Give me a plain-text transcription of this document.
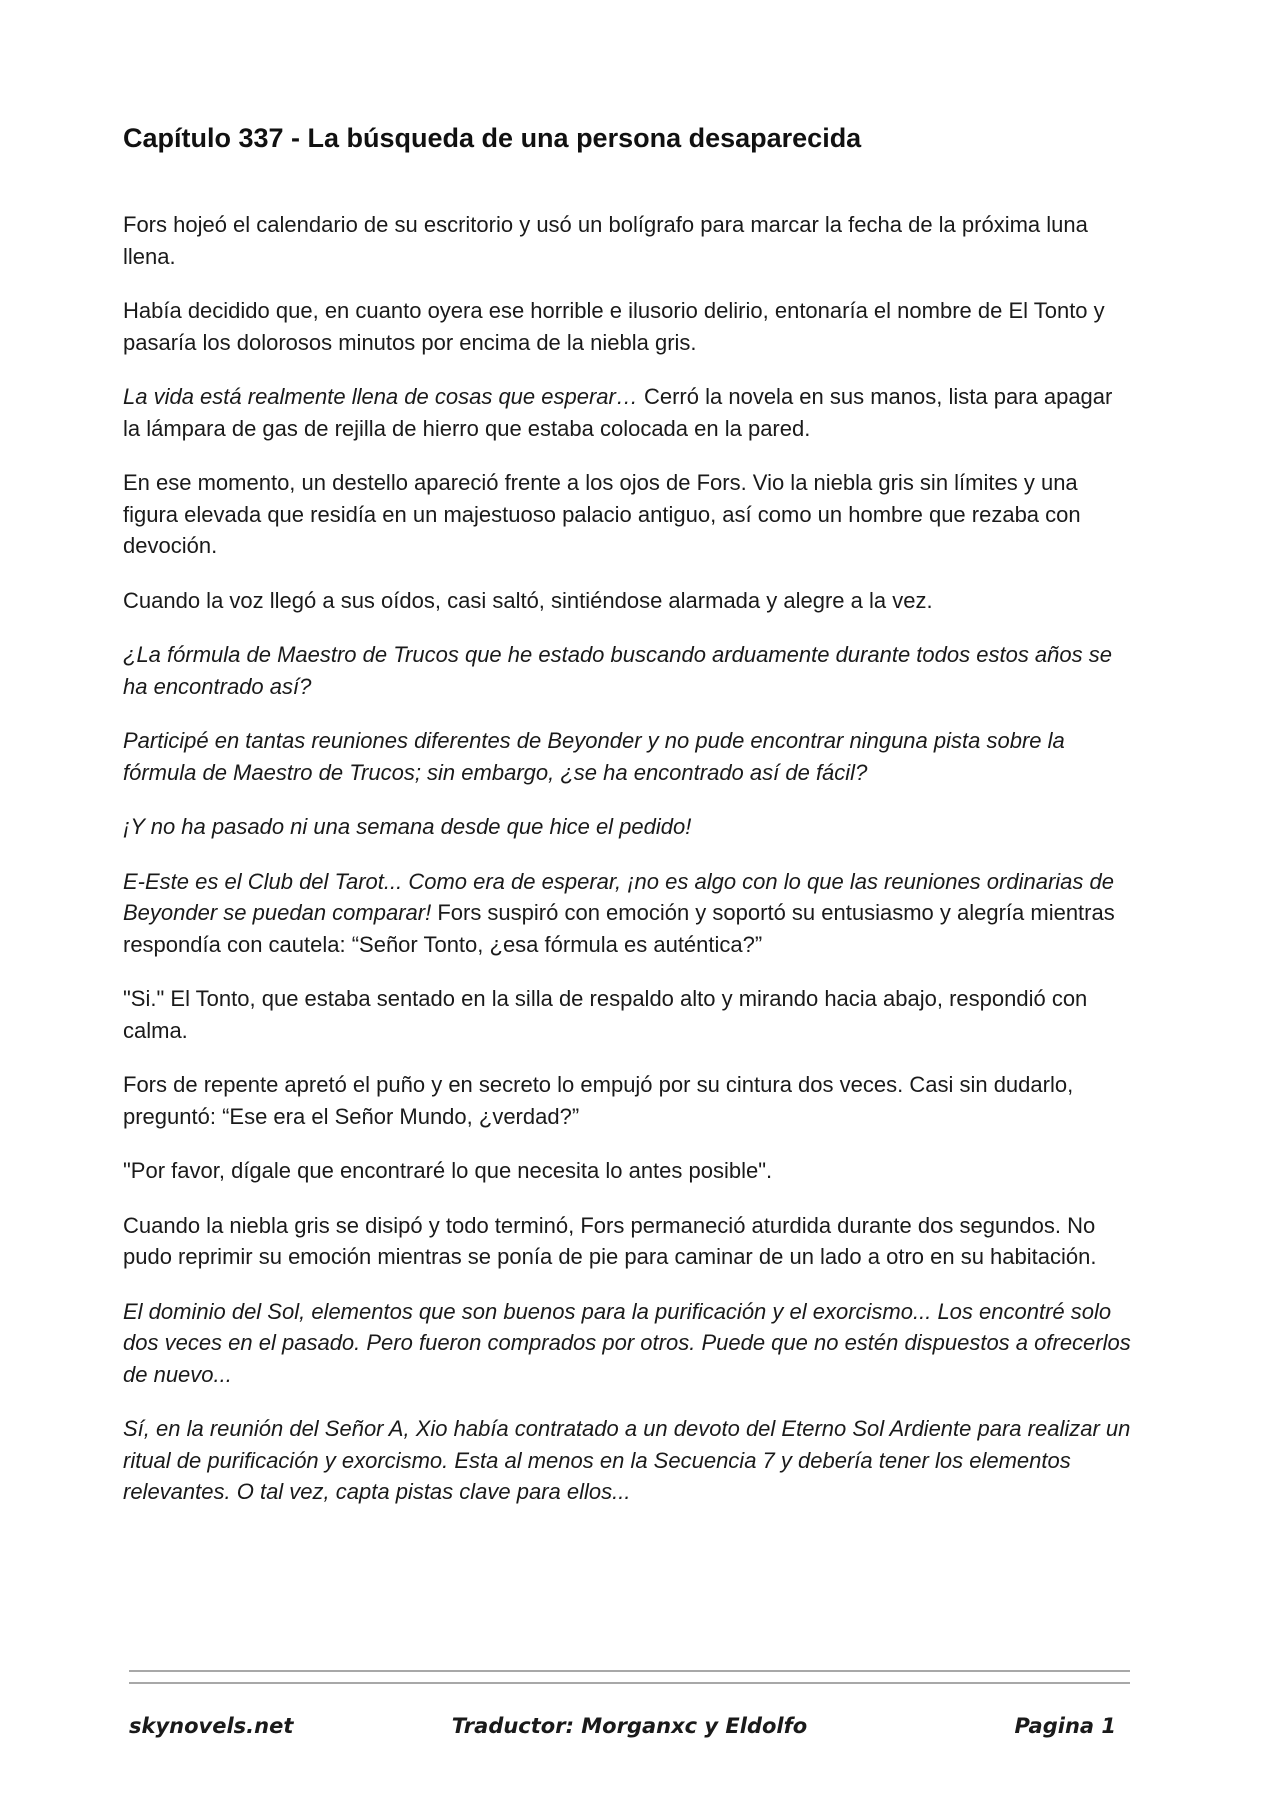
Capítulo 337 - La búsqueda de una persona desaparecida

Fors hojeó el calendario de su escritorio y usó un bolígrafo para marcar la fecha de la próxima luna llena.

Había decidido que, en cuanto oyera ese horrible e ilusorio delirio, entonaría el nombre de El Tonto y pasaría los dolorosos minutos por encima de la niebla gris.

La vida está realmente llena de cosas que esperar… Cerró la novela en sus manos, lista para apagar la lámpara de gas de rejilla de hierro que estaba colocada en la pared.

En ese momento, un destello apareció frente a los ojos de Fors. Vio la niebla gris sin límites y una figura elevada que residía en un majestuoso palacio antiguo, así como un hombre que rezaba con devoción.

Cuando la voz llegó a sus oídos, casi saltó, sintiéndose alarmada y alegre a la vez.

¿La fórmula de Maestro de Trucos que he estado buscando arduamente durante todos estos años se ha encontrado así?

Participé en tantas reuniones diferentes de Beyonder y no pude encontrar ninguna pista sobre la fórmula de Maestro de Trucos; sin embargo, ¿se ha encontrado así de fácil?

¡Y no ha pasado ni una semana desde que hice el pedido!

E-Este es el Club del Tarot... Como era de esperar, ¡no es algo con lo que las reuniones ordinarias de Beyonder se puedan comparar! Fors suspiró con emoción y soportó su entusiasmo y alegría mientras respondía con cautela: “Señor Tonto, ¿esa fórmula es auténtica?”

"Si." El Tonto, que estaba sentado en la silla de respaldo alto y mirando hacia abajo, respondió con calma.

Fors de repente apretó el puño y en secreto lo empujó por su cintura dos veces. Casi sin dudarlo, preguntó: “Ese era el Señor Mundo, ¿verdad?”

"Por favor, dígale que encontraré lo que necesita lo antes posible".

Cuando la niebla gris se disipó y todo terminó, Fors permaneció aturdida durante dos segundos. No pudo reprimir su emoción mientras se ponía de pie para caminar de un lado a otro en su habitación.

El dominio del Sol, elementos que son buenos para la purificación y el exorcismo... Los encontré solo dos veces en el pasado. Pero fueron comprados por otros. Puede que no estén dispuestos a ofrecerlos de nuevo...

Sí, en la reunión del Señor A, Xio había contratado a un devoto del Eterno Sol Ardiente para realizar un ritual de purificación y exorcismo. Esta al menos en la Secuencia 7 y debería tener los elementos relevantes. O tal vez, capta pistas clave para ellos...

skynovels.net	Traductor: Morganxc y Eldolfo	Pagina 1
